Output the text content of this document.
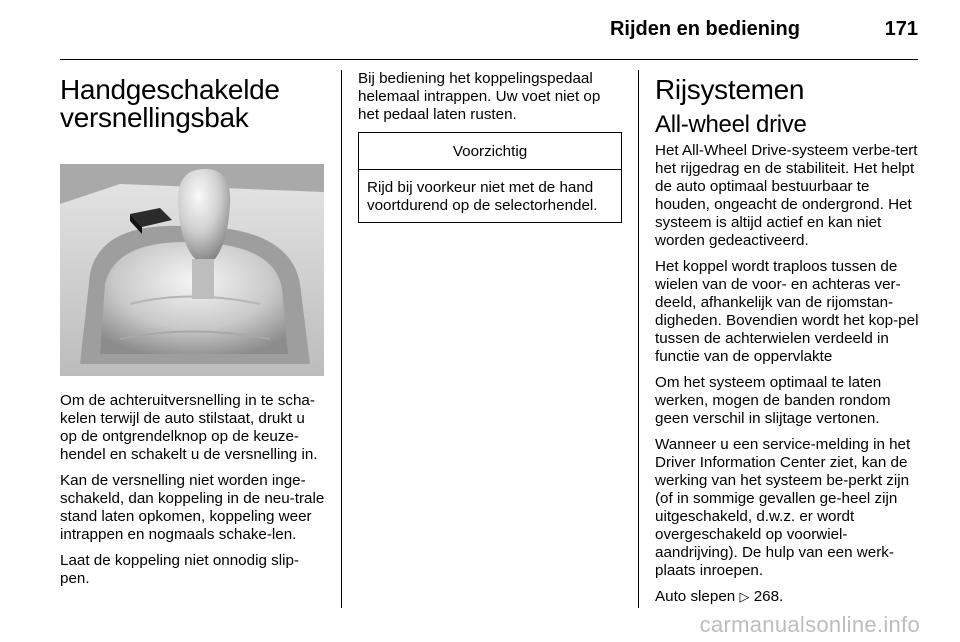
Rijden en bediening	171
Handgeschakelde
versnellingsbak

Om de achteruitversnelling in te scha-kelen terwijl de auto stilstaat, drukt u op de ontgrendelknop op de keuze-hendel en schakelt u de versnelling in.

Kan de versnelling niet worden inge-schakeld, dan koppeling in de neu-trale stand laten opkomen, koppeling weer intrappen en nogmaals schake-len.

Laat de koppeling niet onnodig slip-pen.

Bij bediening het koppelingspedaal helemaal intrappen. Uw voet niet op het pedaal laten rusten.

Voorzichtig
Rijd bij voorkeur niet met de hand voortdurend op de selectorhendel.
Rijsystemen
All-wheel drive

Het All-Wheel Drive-systeem verbe-tert het rijgedrag en de stabiliteit. Het helpt de auto optimaal bestuurbaar te houden, ongeacht de ondergrond. Het systeem is altijd actief en kan niet worden gedeactiveerd.

Het koppel wordt traploos tussen de wielen van de voor- en achteras ver-deeld, afhankelijk van de rijomstan-digheden. Bovendien wordt het kop-pel tussen de achterwielen verdeeld in functie van de oppervlakte

Om het systeem optimaal te laten werken, mogen de banden rondom geen verschil in slijtage vertonen.

Wanneer u een service-melding in het Driver Information Center ziet, kan de werking van het systeem be-perkt zijn (of in sommige gevallen ge-heel zijn uitgeschakeld, d.w.z. er wordt overgeschakeld op voorwiel-aandrijving). De hulp van een werk-plaats inroepen.

Auto slepen ▷ 268.

carmanualsonline.info
